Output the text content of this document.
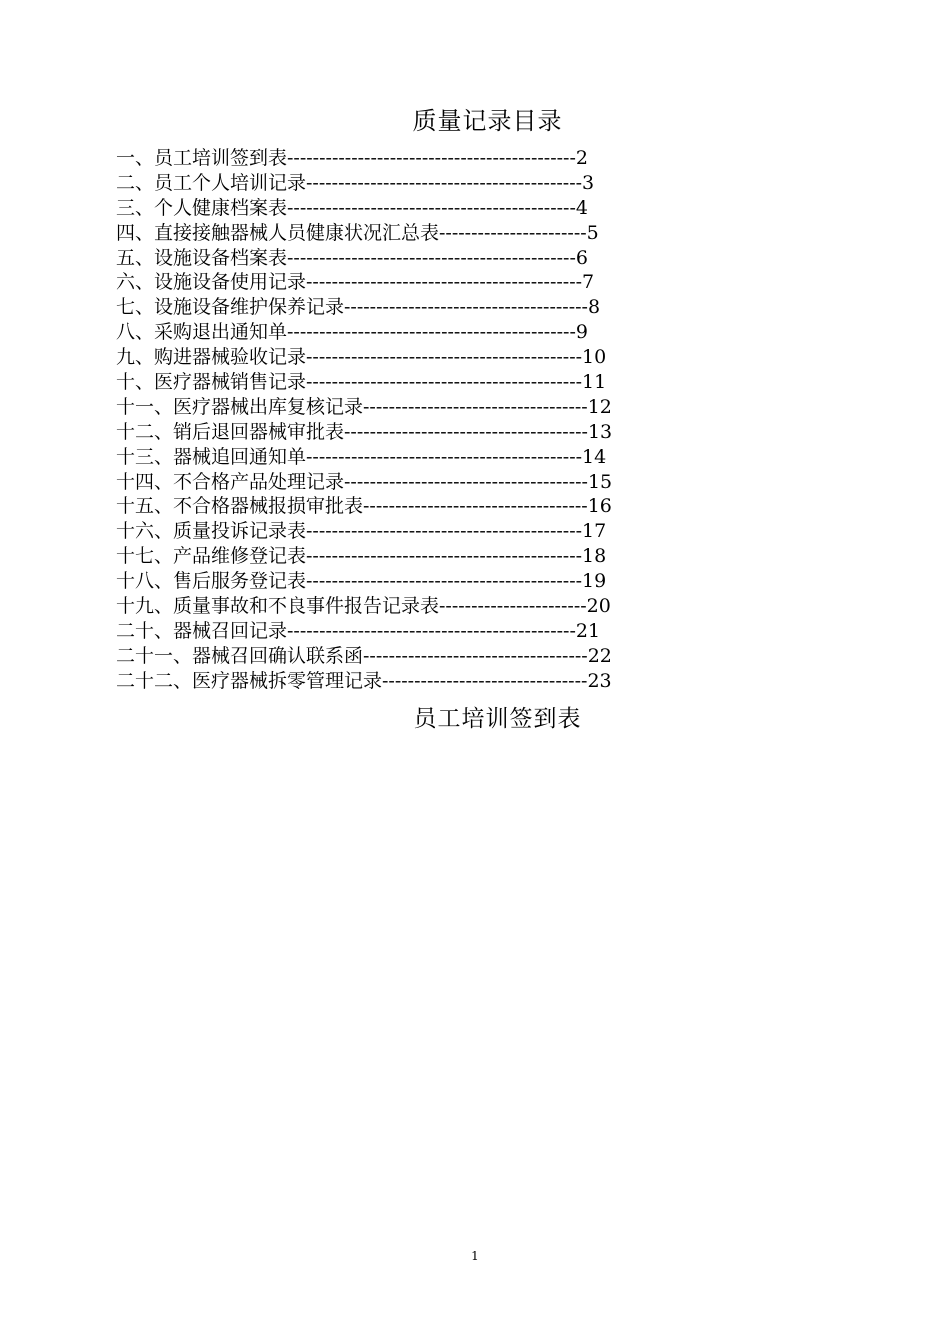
质量记录目录
一、员工培训签到表---------------------------------------------2
二、员工个人培训记录-------------------------------------------3
三、个人健康档案表---------------------------------------------4
四、直接接触器械人员健康状况汇总表-----------------------5
五、设施设备档案表---------------------------------------------6
六、设施设备使用记录-------------------------------------------7
七、设施设备维护保养记录--------------------------------------8
八、采购退出通知单---------------------------------------------9
九、购进器械验收记录-------------------------------------------10
十、医疗器械销售记录-------------------------------------------11
十一、医疗器械出库复核记录-----------------------------------12
十二、销后退回器械审批表--------------------------------------13
十三、器械追回通知单-------------------------------------------14
十四、不合格产品处理记录--------------------------------------15
十五、不合格器械报损审批表-----------------------------------16
十六、质量投诉记录表-------------------------------------------17
十七、产品维修登记表-------------------------------------------18
十八、售后服务登记表-------------------------------------------19
十九、质量事故和不良事件报告记录表-----------------------20
二十、器械召回记录---------------------------------------------21
二十一、器械召回确认联系函-----------------------------------22
二十二、医疗器械拆零管理记录--------------------------------23
员工培训签到表
1
